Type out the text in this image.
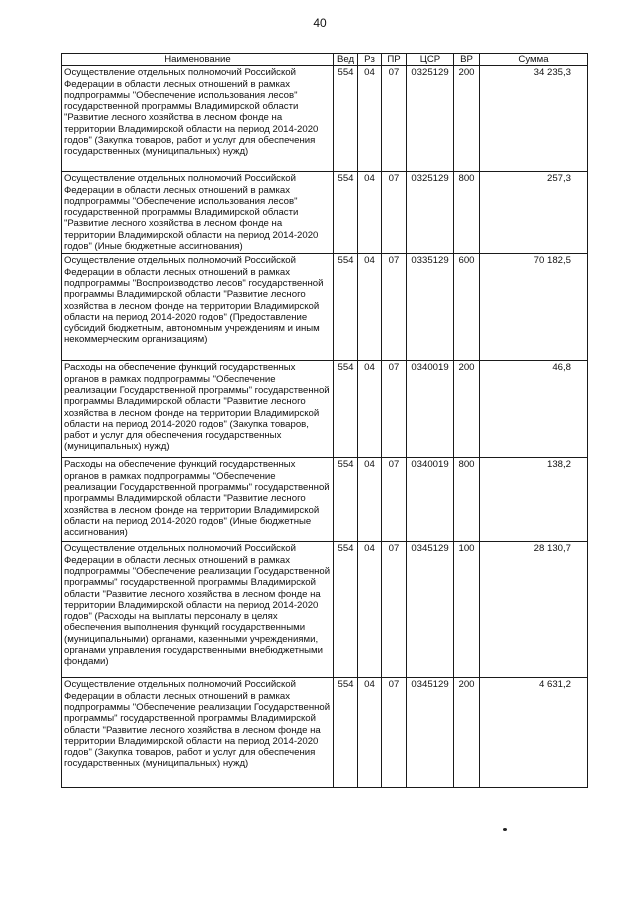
40
Наименование	Вед	Рз	ПР	ЦСР	ВР	Сумма
Осуществление отдельных полномочий Российской Федерации в области лесных отношений в рамках подпрограммы "Обеспечение использования лесов" государственной программы Владимирской области "Развитие лесного хозяйства в лесном фонде на территории Владимирской области на период 2014-2020 годов" (Закупка товаров, работ и услуг для обеспечения государственных (муниципальных) нужд)	554	04	07	0325129	200	34 235,3
Осуществление отдельных полномочий Российской Федерации в области лесных отношений в рамках подпрограммы "Обеспечение использования лесов" государственной программы Владимирской области "Развитие лесного хозяйства в лесном фонде на территории Владимирской области на период 2014-2020 годов" (Иные бюджетные ассигнования)	554	04	07	0325129	800	257,3
Осуществление отдельных полномочий Российской Федерации в области лесных отношений в рамках подпрограммы "Воспроизводство лесов" государственной программы Владимирской области "Развитие лесного хозяйства в лесном фонде на территории Владимирской области на период 2014-2020 годов" (Предоставление субсидий бюджетным, автономным учреждениям и иным некоммерческим организациям)	554	04	07	0335129	600	70 182,5
Расходы на обеспечение функций государственных органов в рамках подпрограммы "Обеспечение реализации Государственной программы" государственной программы Владимирской области "Развитие лесного хозяйства в лесном фонде на территории Владимирской области на период 2014-2020 годов" (Закупка товаров, работ и услуг для обеспечения государственных (муниципальных) нужд)	554	04	07	0340019	200	46,8
Расходы на обеспечение функций государственных органов в рамках подпрограммы "Обеспечение реализации Государственной программы" государственной программы Владимирской области "Развитие лесного хозяйства в лесном фонде на территории Владимирской области на период 2014-2020 годов" (Иные бюджетные ассигнования)	554	04	07	0340019	800	138,2
Осуществление отдельных полномочий Российской Федерации в области лесных отношений в рамках подпрограммы "Обеспечение реализации Государственной программы" государственной программы Владимирской области "Развитие лесного хозяйства в лесном фонде на территории Владимирской области на период 2014-2020 годов" (Расходы на выплаты персоналу в целях обеспечения выполнения функций государственными (муниципальными) органами, казенными учреждениями, органами управления государственными внебюджетными фондами)	554	04	07	0345129	100	28 130,7
Осуществление отдельных полномочий Российской Федерации в области лесных отношений в рамках подпрограммы "Обеспечение реализации Государственной программы" государственной программы Владимирской области "Развитие лесного хозяйства в лесном фонде на территории Владимирской области на период 2014-2020 годов" (Закупка товаров, работ и услуг для обеспечения государственных (муниципальных) нужд)	554	04	07	0345129	200	4 631,2
